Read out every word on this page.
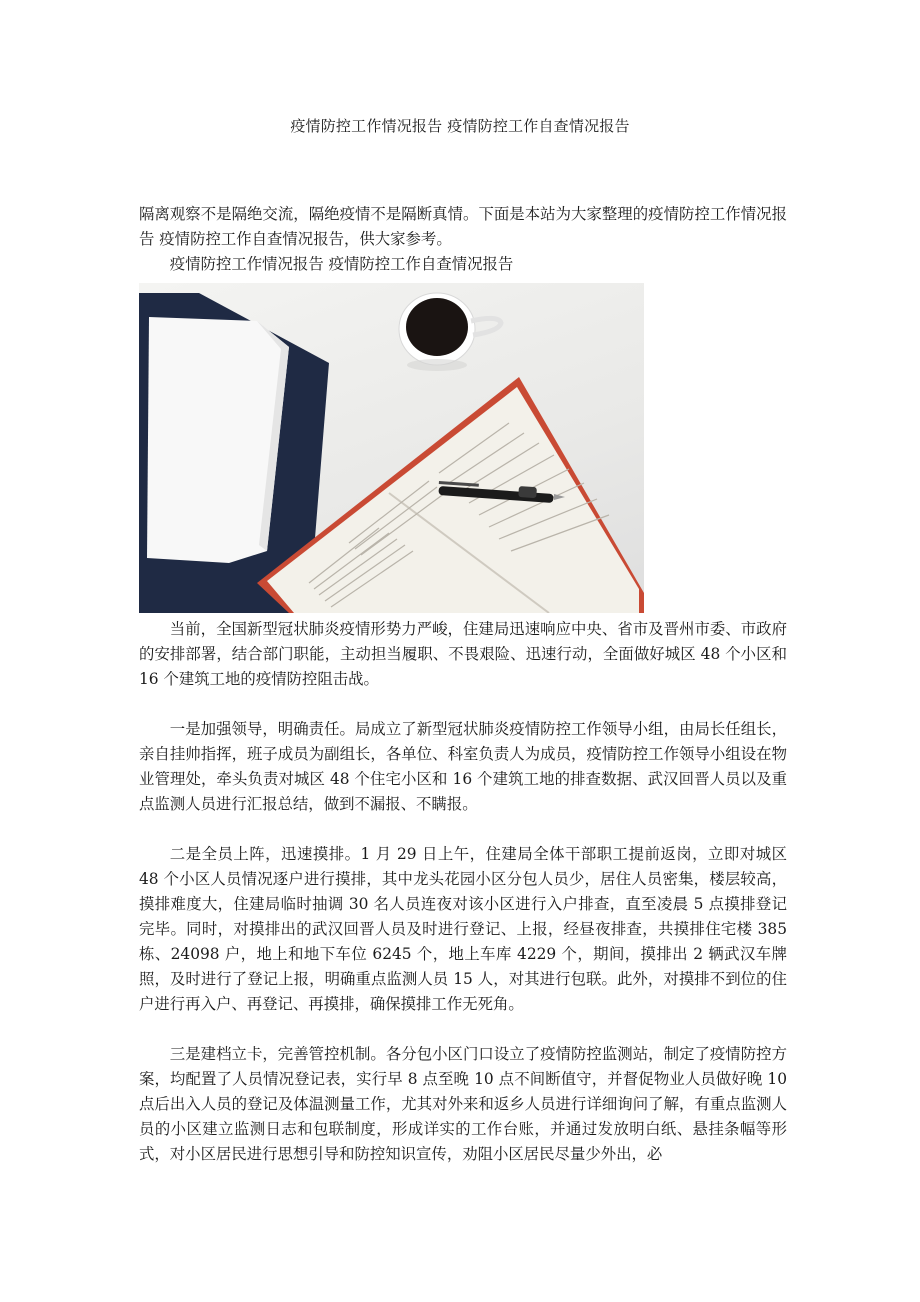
疫情防控工作情况报告 疫情防控工作自查情况报告

隔离观察不是隔绝交流，隔绝疫情不是隔断真情。下面是本站为大家整理的疫情防控工作情况报告 疫情防控工作自查情况报告，供大家参考。

疫情防控工作情况报告 疫情防控工作自查情况报告

当前，全国新型冠状肺炎疫情形势力严峻，住建局迅速响应中央、省市及晋州市委、市政府的安排部署，结合部门职能，主动担当履职、不畏艰险、迅速行动，全面做好城区 48 个小区和 16 个建筑工地的疫情防控阻击战。

一是加强领导，明确责任。局成立了新型冠状肺炎疫情防控工作领导小组，由局长任组长，亲自挂帅指挥，班子成员为副组长，各单位、科室负责人为成员，疫情防控工作领导小组设在物业管理处，牵头负责对城区 48 个住宅小区和 16 个建筑工地的排查数据、武汉回晋人员以及重点监测人员进行汇报总结，做到不漏报、不瞒报。

二是全员上阵，迅速摸排。1 月 29 日上午，住建局全体干部职工提前返岗，立即对城区 48 个小区人员情况逐户进行摸排，其中龙头花园小区分包人员少，居住人员密集，楼层较高，摸排难度大，住建局临时抽调 30 名人员连夜对该小区进行入户排查，直至凌晨 5 点摸排登记完毕。同时，对摸排出的武汉回晋人员及时进行登记、上报，经昼夜排查，共摸排住宅楼 385 栋、24098 户，地上和地下车位 6245 个，地上车库 4229 个，期间，摸排出 2 辆武汉车牌照，及时进行了登记上报，明确重点监测人员 15 人，对其进行包联。此外，对摸排不到位的住户进行再入户、再登记、再摸排，确保摸排工作无死角。

三是建档立卡，完善管控机制。各分包小区门口设立了疫情防控监测站，制定了疫情防控方案，均配置了人员情况登记表，实行早 8 点至晚 10 点不间断值守，并督促物业人员做好晚 10 点后出入人员的登记及体温测量工作，尤其对外来和返乡人员进行详细询问了解，有重点监测人员的小区建立监测日志和包联制度，形成详实的工作台账，并通过发放明白纸、悬挂条幅等形式，对小区居民进行思想引导和防控知识宣传，劝阻小区居民尽量少外出，必
